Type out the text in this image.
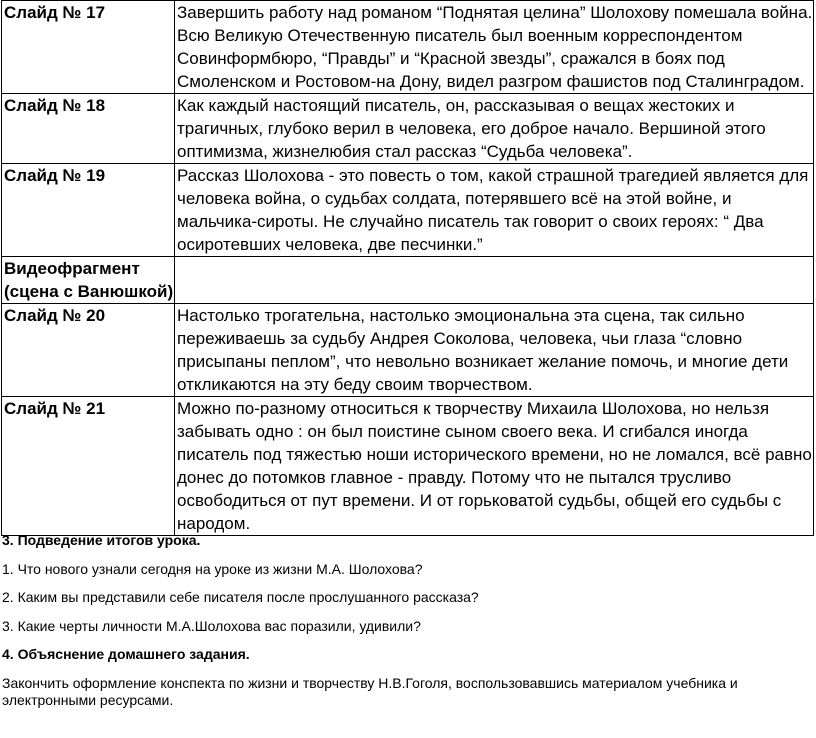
Слайд № 17	Завершить работу над романом “Поднятая целина” Шолохову помешала война. Всю Великую Отечественную писатель был военным корреспондентом Совинформбюро, “Правды” и “Красной звезды”, сражался в боях под Смоленском и Ростовом-на Дону, видел разгром фашистов под Сталинградом.
Слайд № 18	Как каждый настоящий писатель, он, рассказывая о вещах жестоких и трагичных, глубоко верил в человека, его доброе начало. Вершиной этого оптимизма, жизнелюбия стал рассказ “Судьба человека”.
Слайд № 19	Рассказ Шолохова - это повесть о том, какой страшной трагедией является для человека война, о судьбах солдата, потерявшего всё на этой войне, и мальчика-сироты. Не случайно писатель так говорит о своих героях: “ Два осиротевших человека, две песчинки.”
Видеофрагмент (сцена с Ванюшкой)	
Слайд № 20	Настолько трогательна, настолько эмоциональна эта сцена, так сильно переживаешь за судьбу Андрея Соколова, человека, чьи глаза “словно присыпаны пеплом”, что невольно возникает желание помочь, и многие дети откликаются на эту беду своим творчеством.
Слайд № 21	Можно по-разному относиться к творчеству Михаила Шолохова, но нельзя забывать одно : он был поистине сыном своего века. И сгибался иногда писатель под тяжестью ноши исторического времени, но не ломался, всё равно донес до потомков главное - правду. Потому что не пытался трусливо освободиться от пут времени. И от горьковатой судьбы, общей его судьбы с народом.
3. Подведение итогов урока.
1. Что нового узнали сегодня на уроке из жизни М.А. Шолохова?
2. Каким вы представили себе писателя после прослушанного рассказа?
3. Какие черты личности М.А.Шолохова вас поразили, удивили?
4. Объяснение домашнего задания.
Закончить оформление конспекта по жизни и творчеству Н.В.Гоголя, воспользовавшись материалом учебника и электронными ресурсами.
